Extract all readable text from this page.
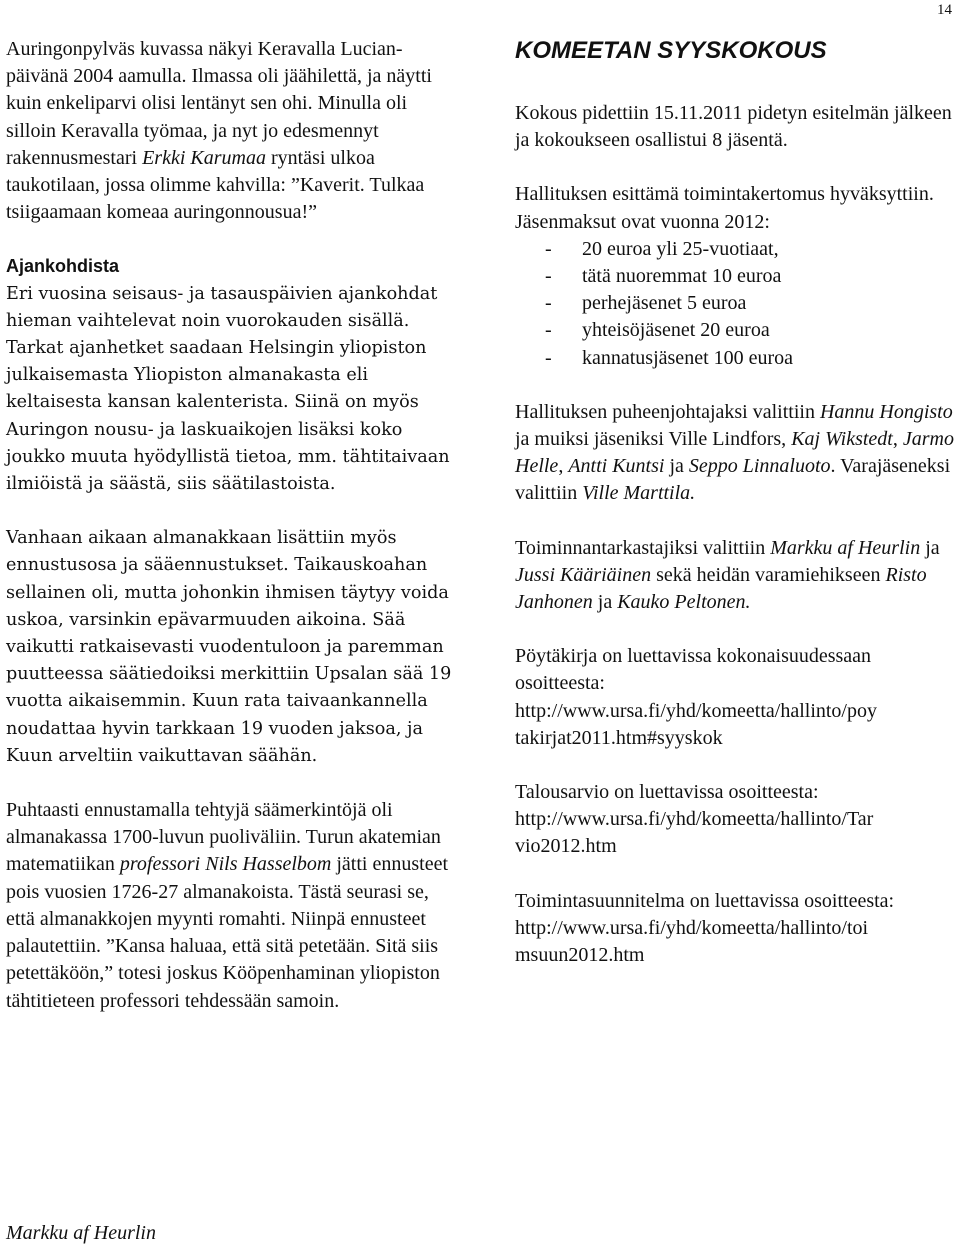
14

Auringonpylväs kuvassa näkyi Keravalla Lucian-päivänä 2004 aamulla. Ilmassa oli jäähilettä, ja näytti kuin enkeliparvi olisi lentänyt sen ohi. Minulla oli silloin Keravalla työmaa, ja nyt jo edesmennyt rakennusmestari Erkki Karumaa ryntäsi ulkoa taukotilaan, jossa olimme kahvilla: ”Kaverit. Tulkaa tsiigaamaan komeaa auringonnousua!”

Ajankohdista

Eri vuosina seisaus- ja tasauspäivien ajankohdat hieman vaihtelevat noin vuorokauden sisällä. Tarkat ajanhetket saadaan Helsingin yliopiston julkaisemasta Yliopiston almanakasta eli keltaisesta kansan kalenterista. Siinä on myös Auringon nousu- ja laskuaikojen lisäksi koko joukko muuta hyödyllistä tietoa, mm. tähtitaivaan ilmiöistä ja säästä, siis säätilastoista.

Vanhaan aikaan almanakkaan lisättiin myös ennustusosa ja sääennustukset. Taikauskoahan sellainen oli, mutta johonkin ihmisen täytyy voida uskoa, varsinkin epävarmuuden aikoina. Sää vaikutti ratkaisevasti vuodentuloon ja paremman puutteessa säätiedoiksi merkittiin Upsalan sää 19 vuotta aikaisemmin. Kuun rata taivaankannella noudattaa hyvin tarkkaan 19 vuoden jaksoa, ja Kuun arveltiin vaikuttavan säähän.

Puhtaasti ennustamalla tehtyjä säämerkintöjä oli almanakassa 1700-luvun puoliväliin. Turun akatemian matematiikan professori Nils Hasselbom jätti ennusteet pois vuosien 1726-27 almanakoista. Tästä seurasi se, että almanakkojen myynti romahti. Niinpä ennusteet palautettiin. ”Kansa haluaa, että sitä petetään. Sitä siis petettäköön,” totesi joskus Kööpenhaminan yliopiston tähtitieteen professori tehdessään samoin.

Markku af Heurlin

KOMEETAN SYYSKOKOUS

Kokous pidettiin 15.11.2011 pidetyn esitelmän jälkeen ja kokoukseen osallistui 8 jäsentä.

Hallituksen esittämä toimintakertomus hyväksyttiin. Jäsenmaksut ovat vuonna 2012:

- 20 euroa yli 25-vuotiaat,
- tätä nuoremmat 10 euroa
- perhejäsenet 5 euroa
- yhteisöjäsenet 20 euroa
- kannatusjäsenet 100 euroa

Hallituksen puheenjohtajaksi valittiin Hannu Hongisto ja muiksi jäseniksi Ville Lindfors, Kaj Wikstedt, Jarmo Helle, Antti Kuntsi ja Seppo Linnaluoto. Varajäseneksi valittiin Ville Marttila.

Toiminnantarkastajiksi valittiin Markku af Heurlin ja Jussi Kääriäinen sekä heidän varamiehikseen Risto Janhonen ja Kauko Peltonen.

Pöytäkirja on luettavissa kokonaisuudessaan osoitteesta:
http://www.ursa.fi/yhd/komeetta/hallinto/poy
takirjat2011.htm#syyskok

Talousarvio on luettavissa osoitteesta:
http://www.ursa.fi/yhd/komeetta/hallinto/Tar
vio2012.htm

Toimintasuunnitelma on luettavissa osoitteesta:
http://www.ursa.fi/yhd/komeetta/hallinto/toi
msuun2012.htm
